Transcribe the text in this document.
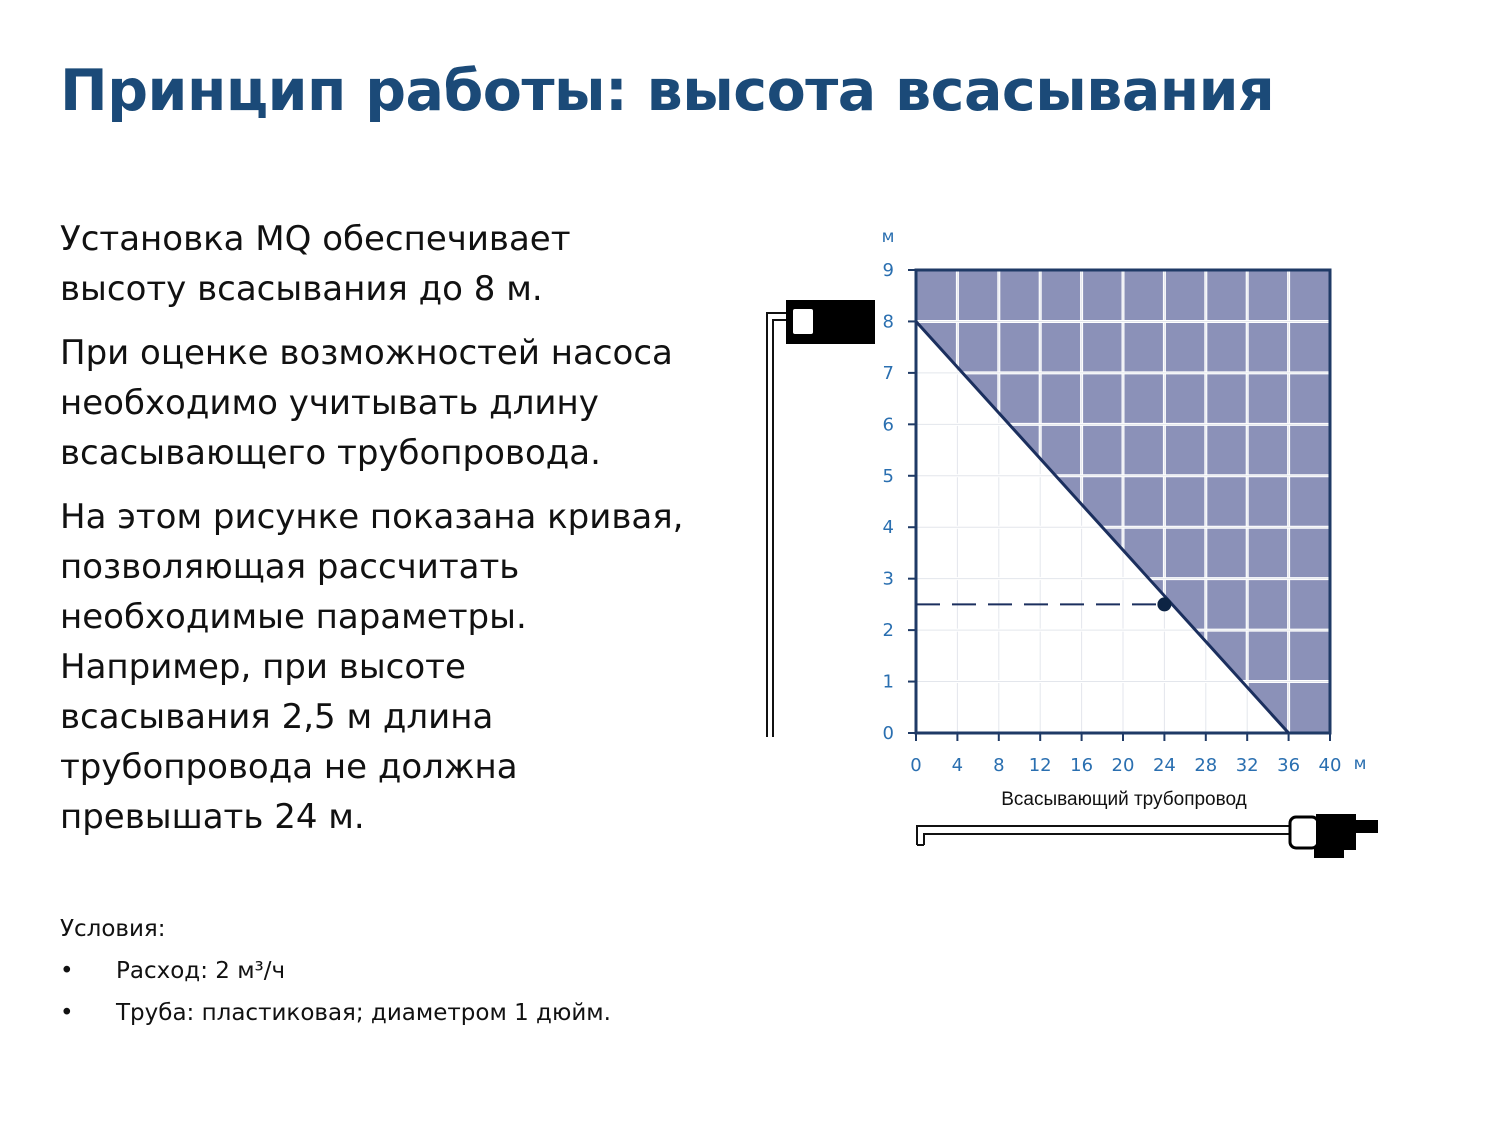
Принцип работы: высота всасывания

Установка MQ обеспечивает
высоту всасывания до 8 м.

При оценке возможностей насоса
необходимо учитывать длину
всасывающего трубопровода.

На этом рисунке показана кривая,
позволяющая рассчитать
необходимые параметры.
Например, при высоте
всасывания 2,5 м длина
трубопровода не должна
превышать 24 м.

Условия:
• Расход: 2 м³/ч
• Труба: пластиковая; диаметром 1 дюйм.
0 4 8 12 16 20 24 28 32 36 40
0
1
2
3
4
5
6
7
8
9
м
м
Всасывающий трубопровод
